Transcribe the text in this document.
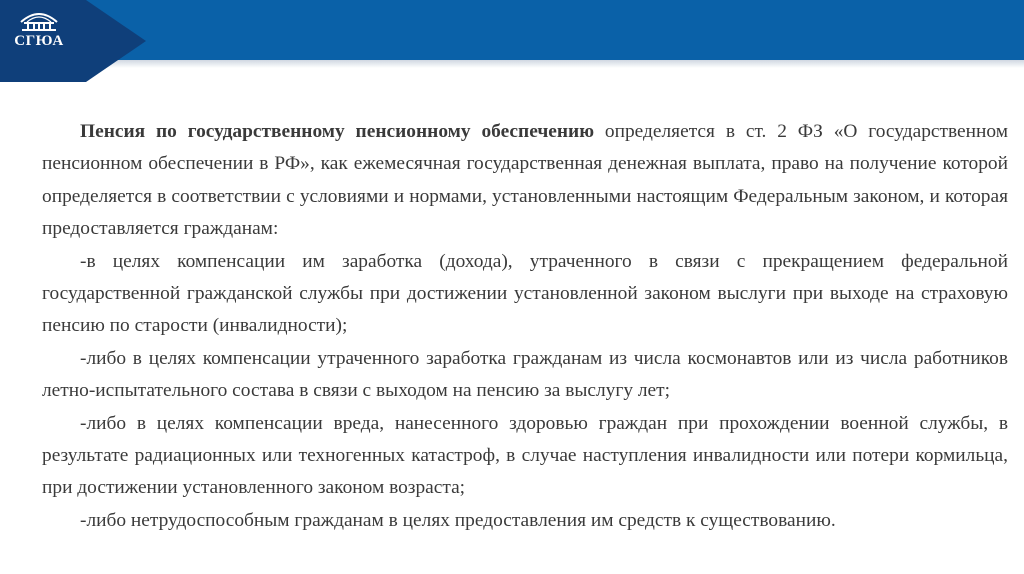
СГЮА

Пенсия по государственному пенсионному обеспечению определяется в ст. 2 ФЗ «О государственном пенсионном обеспечении в РФ», как ежемесячная государственная денежная выплата, право на получение которой определяется в соответствии с условиями и нормами, установленными настоящим Федеральным законом, и которая предоставляется гражданам:

-в целях компенсации им заработка (дохода), утраченного в связи с прекращением федеральной государственной гражданской службы при достижении установленной законом выслуги при выходе на страховую пенсию по старости (инвалидности);

-либо в целях компенсации утраченного заработка гражданам из числа космонавтов или из числа работников летно-испытательного состава в связи с выходом на пенсию за выслугу лет;

-либо в целях компенсации вреда, нанесенного здоровью граждан при прохождении военной службы, в результате радиационных или техногенных катастроф, в случае наступления инвалидности или потери кормильца, при достижении установленного законом возраста;

-либо нетрудоспособным гражданам в целях предоставления им средств к существованию.
